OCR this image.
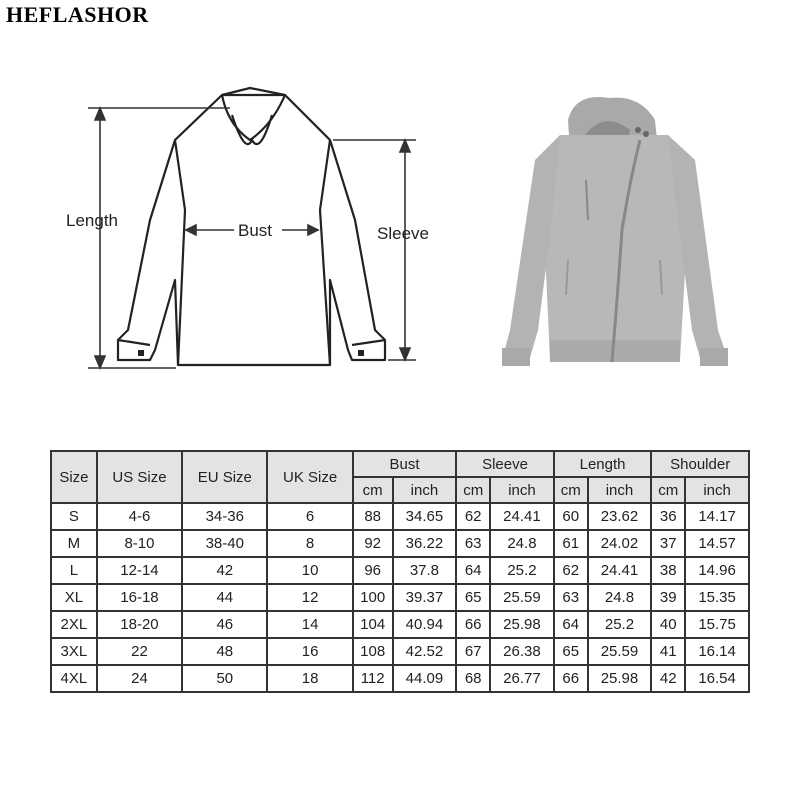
HEFLASHOR
Length
Bust	Sleeve
Size	US Size	EU Size	UK Size	Bust		Sleeve		Length		Shoulder	
				cm	inch	cm	inch	cm	inch	cm	inch
S	4-6	34-36	6	88	34.65	62	24.41	60	23.62	36	14.17
M	8-10	38-40	8	92	36.22	63	24.8	61	24.02	37	14.57
L	12-14	42	10	96	37.8	64	25.2	62	24.41	38	14.96
XL	16-18	44	12	100	39.37	65	25.59	63	24.8	39	15.35
2XL	18-20	46	14	104	40.94	66	25.98	64	25.2	40	15.75
3XL	22	48	16	108	42.52	67	26.38	65	25.59	41	16.14
4XL	24	50	18	112	44.09	68	26.77	66	25.98	42	16.54
